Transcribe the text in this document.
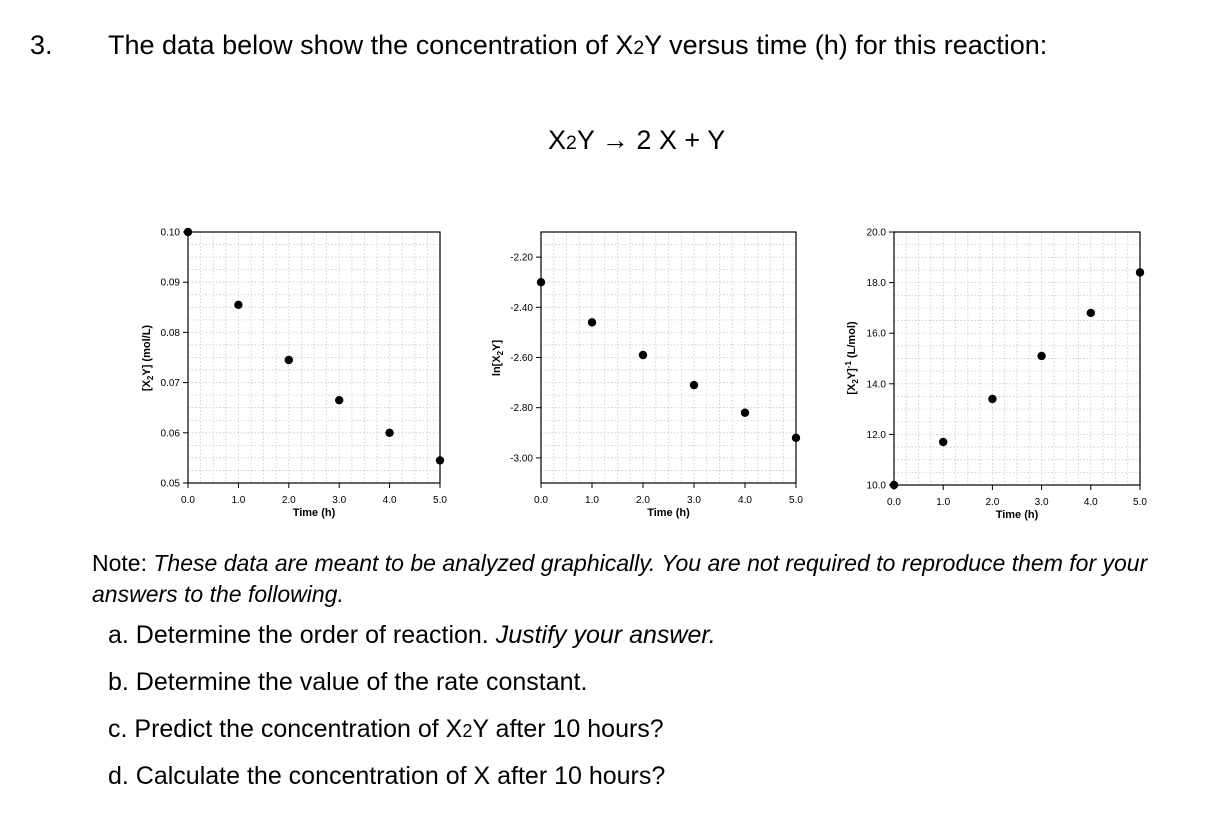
3. The data below show the concentration of X2Y versus time (h) for this reaction:
X2Y → 2 X + Y
0.0	1.0	2.0	3.0	4.0	5.0
0.05
0.06
0.07
0.08
0.09
0.10
Time (h)
$[X_2Y]$ (mol/L)
0.0	1.0	2.0	3.0	4.0	5.0
-3.00
-2.80
-2.60
-2.40
-2.20
Time (h)
$\ln[X_2Y]$
0.0	1.0	2.0	3.0	4.0	5.0
10.0
12.0
14.0
16.0
18.0
20.0
Time (h)
$[X_2Y]^{-1}$ (L/mol)
Note: These data are meant to be analyzed graphically. You are not required to reproduce them for your answers to the following.
a. Determine the order of reaction. Justify your answer.
b. Determine the value of the rate constant.
c. Predict the concentration of X2Y after 10 hours?
d. Calculate the concentration of X after 10 hours?
